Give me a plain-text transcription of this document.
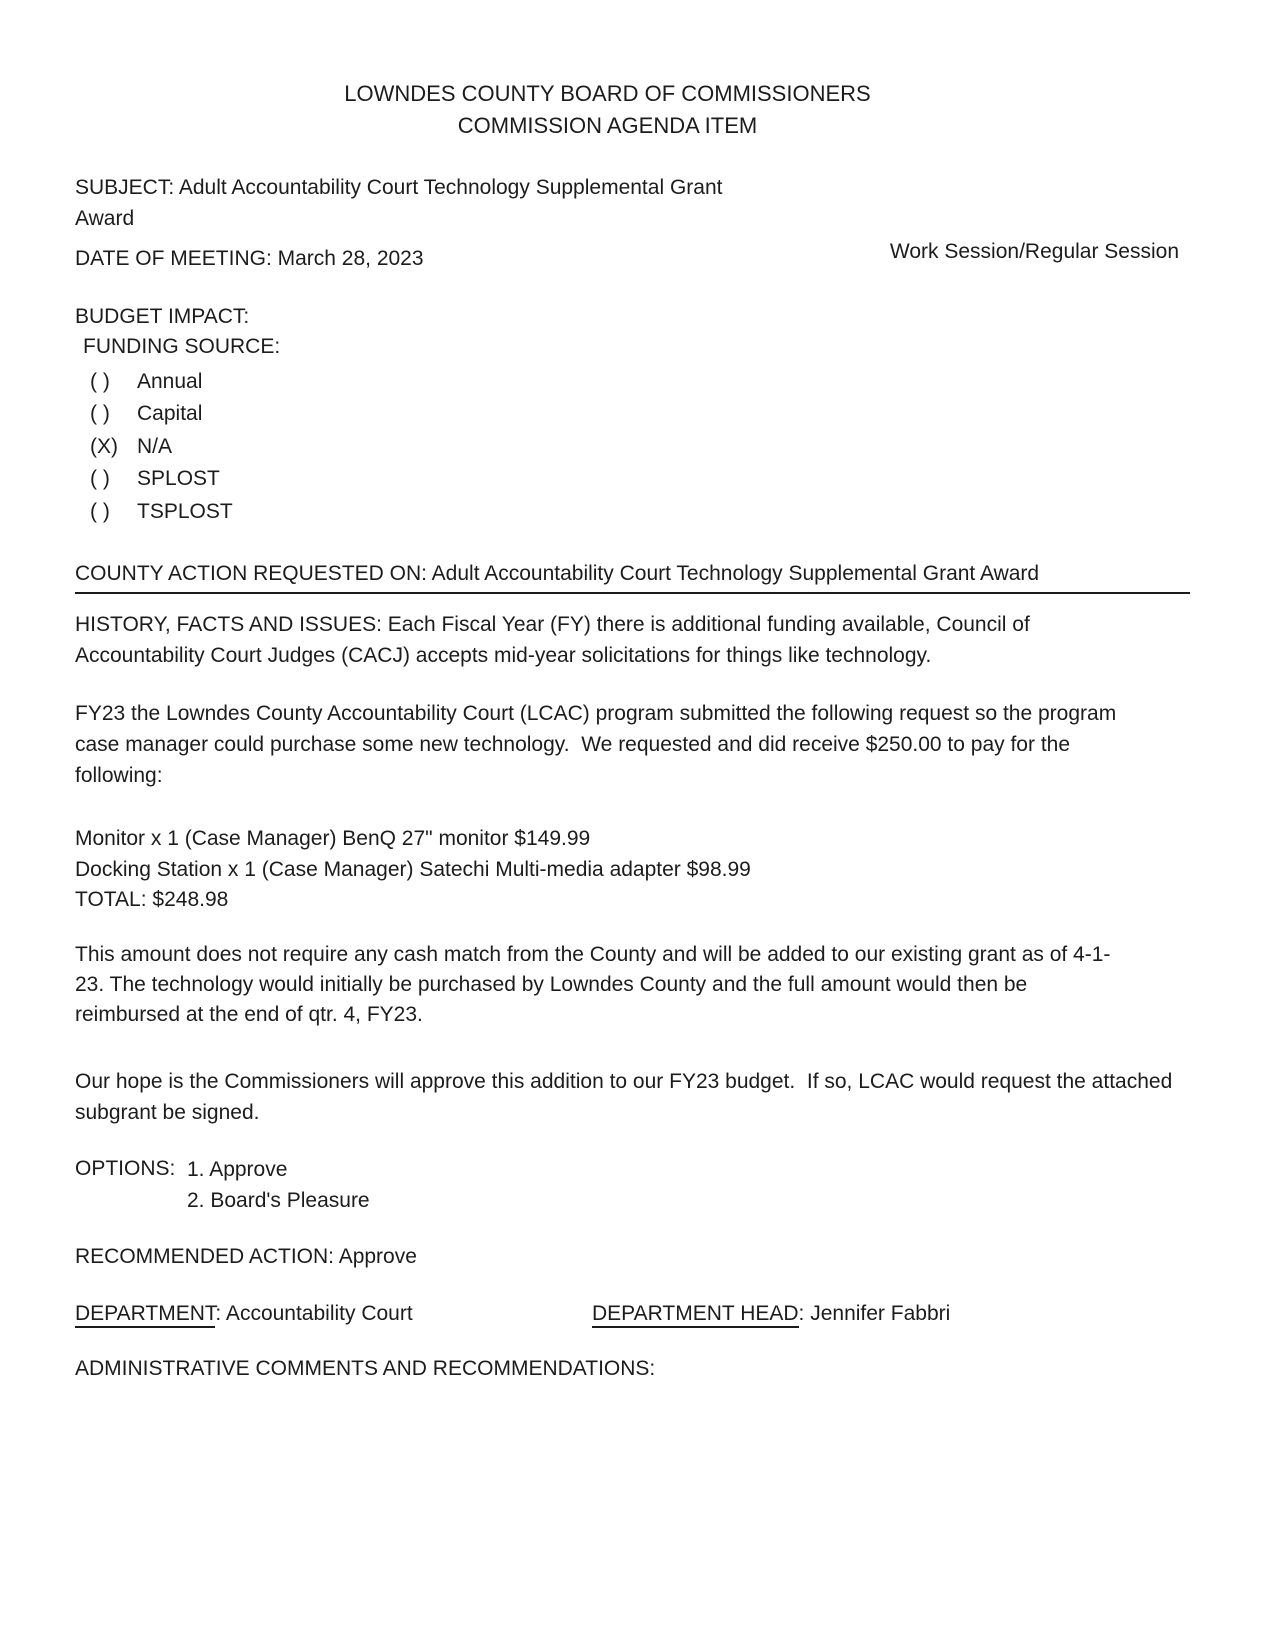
LOWNDES COUNTY BOARD OF COMMISSIONERS
COMMISSION AGENDA ITEM
SUBJECT: Adult Accountability Court Technology Supplemental Grant Award
DATE OF MEETING: March 28, 2023	Work Session/Regular Session
BUDGET IMPACT:
FUNDING SOURCE:
( )	Annual
( )	Capital
(X) N/A
( )	SPLOST
( )	TSPLOST
COUNTY ACTION REQUESTED ON: Adult Accountability Court Technology Supplemental Grant Award
HISTORY, FACTS AND ISSUES: Each Fiscal Year (FY) there is additional funding available, Council of Accountability Court Judges (CACJ) accepts mid-year solicitations for things like technology.
FY23 the Lowndes County Accountability Court (LCAC) program submitted the following request so the program case manager could purchase some new technology.  We requested and did receive $250.00 to pay for the following:
Monitor x 1 (Case Manager) BenQ 27" monitor $149.99
Docking Station x 1 (Case Manager) Satechi Multi-media adapter $98.99
TOTAL: $248.98
This amount does not require any cash match from the County and will be added to our existing grant as of 4-1-23. The technology would initially be purchased by Lowndes County and the full amount would then be reimbursed at the end of qtr. 4, FY23.
Our hope is the Commissioners will approve this addition to our FY23 budget.  If so, LCAC would request the attached subgrant be signed.
OPTIONS: 1. Approve
2. Board's Pleasure
RECOMMENDED ACTION: Approve
DEPARTMENT: Accountability Court	DEPARTMENT HEAD: Jennifer Fabbri
ADMINISTRATIVE COMMENTS AND RECOMMENDATIONS:
